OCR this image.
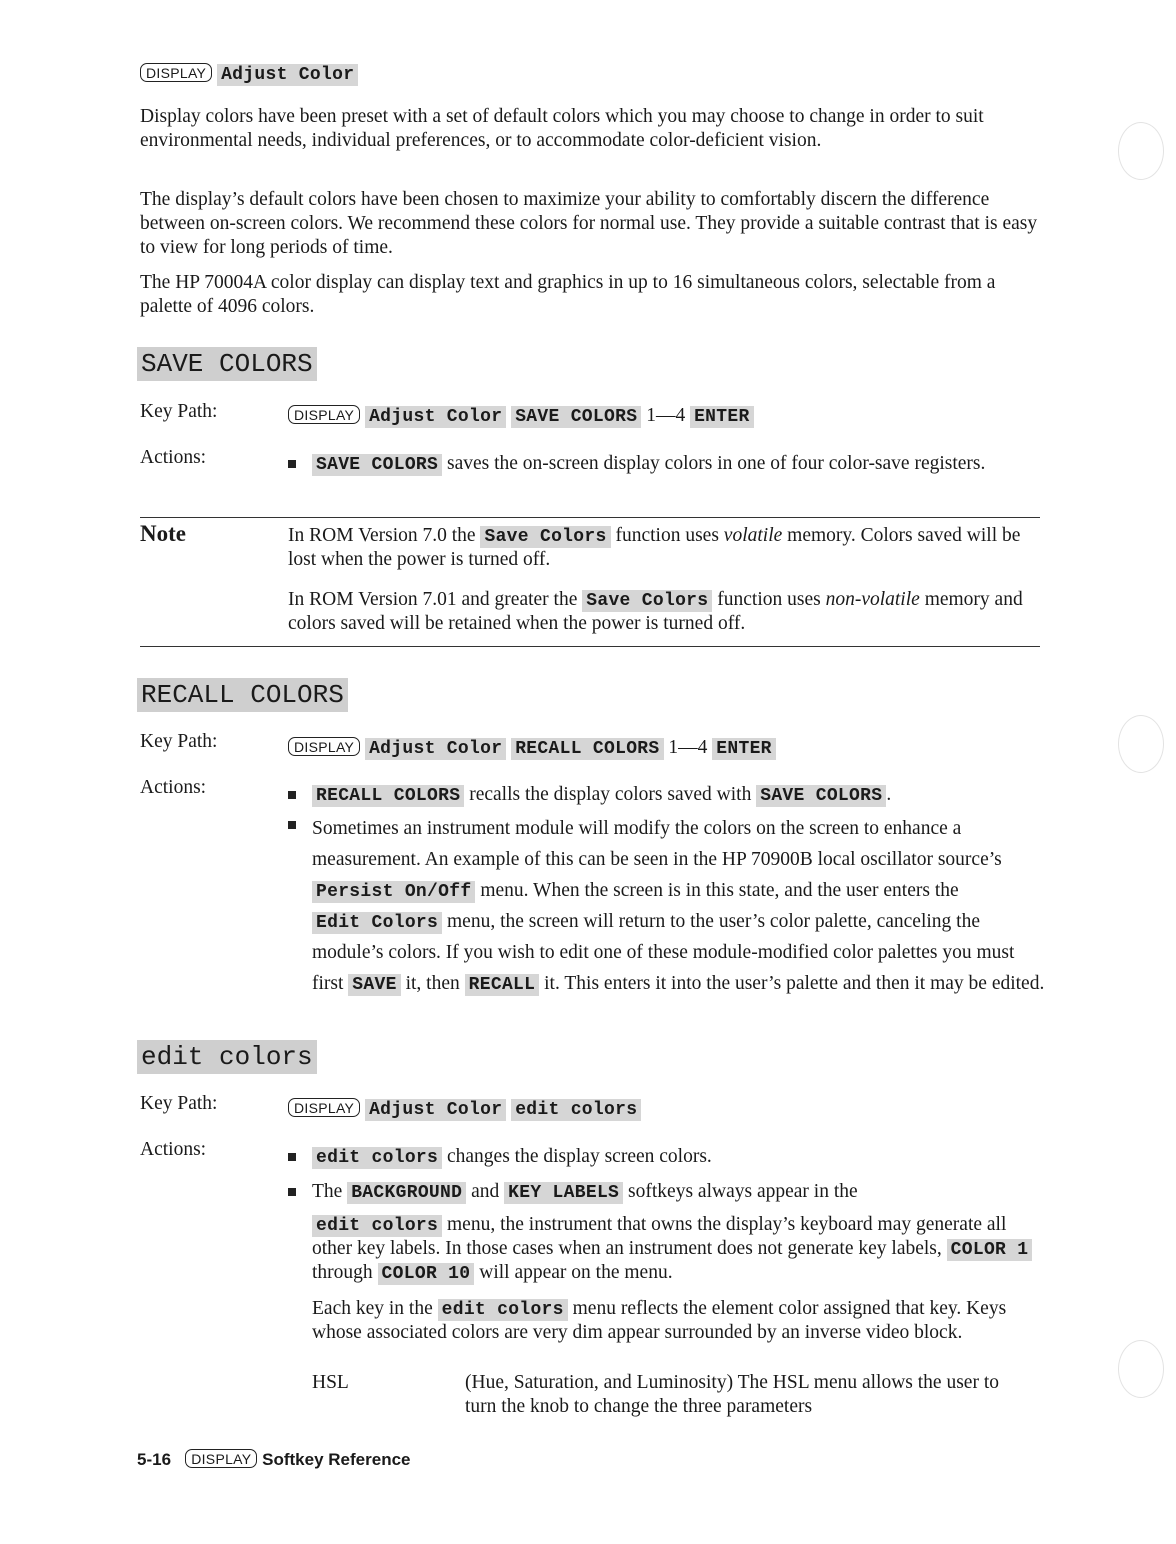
DISPLAY Adjust Color

Display colors have been preset with a set of default colors which you may choose to change in order to suit environmental needs, individual preferences, or to accommodate color-deficient vision.

The display’s default colors have been chosen to maximize your ability to comfortably discern the difference between on-screen colors. We recommend these colors for normal use. They provide a suitable contrast that is easy to view for long periods of time.

The HP 70004A color display can display text and graphics in up to 16 simultaneous colors, selectable from a palette of 4096 colors.

SAVE COLORS
Key Path:	DISPLAY Adjust Color SAVE COLORS 1—4 ENTER
Actions:	SAVE COLORS saves the on-screen display colors in one of four color-save registers.
Note	In ROM Version 7.0 the Save Colors function uses volatile memory. Colors saved will be lost when the power is turned off.

In ROM Version 7.01 and greater the Save Colors function uses non-volatile memory and colors saved will be retained when the power is turned off.

RECALL COLORS
Key Path:	DISPLAY Adjust Color RECALL COLORS 1—4 ENTER
Actions:	RECALL COLORS recalls the display colors saved with SAVE COLORS .
Sometimes an instrument module will modify the colors on the screen to enhance a measurement. An example of this can be seen in the HP 70900B local oscillator source’s Persist On/Off menu. When the screen is in this state, and the user enters the Edit Colors menu, the screen will return to the user’s color palette, canceling the module’s colors. If you wish to edit one of these module-modified color palettes you must first SAVE it, then RECALL it. This enters it into the user’s palette and then it may be edited.
edit colors
Key Path:	DISPLAY Adjust Color edit colors
Actions:	edit colors changes the display screen colors.
The BACKGROUND and KEY LABELS softkeys always appear in the

edit colors menu, the instrument that owns the display’s keyboard may generate all other key labels. In those cases when an instrument does not generate key labels, COLOR 1 through COLOR 10 will appear on the menu.

Each key in the edit colors menu reflects the element color assigned that key. Keys whose associated colors are very dim appear surrounded by an inverse video block.

HSL	(Hue, Saturation, and Luminosity) The HSL menu allows the user to turn the knob to change the three parameters
5-16 DISPLAY Softkey Reference
